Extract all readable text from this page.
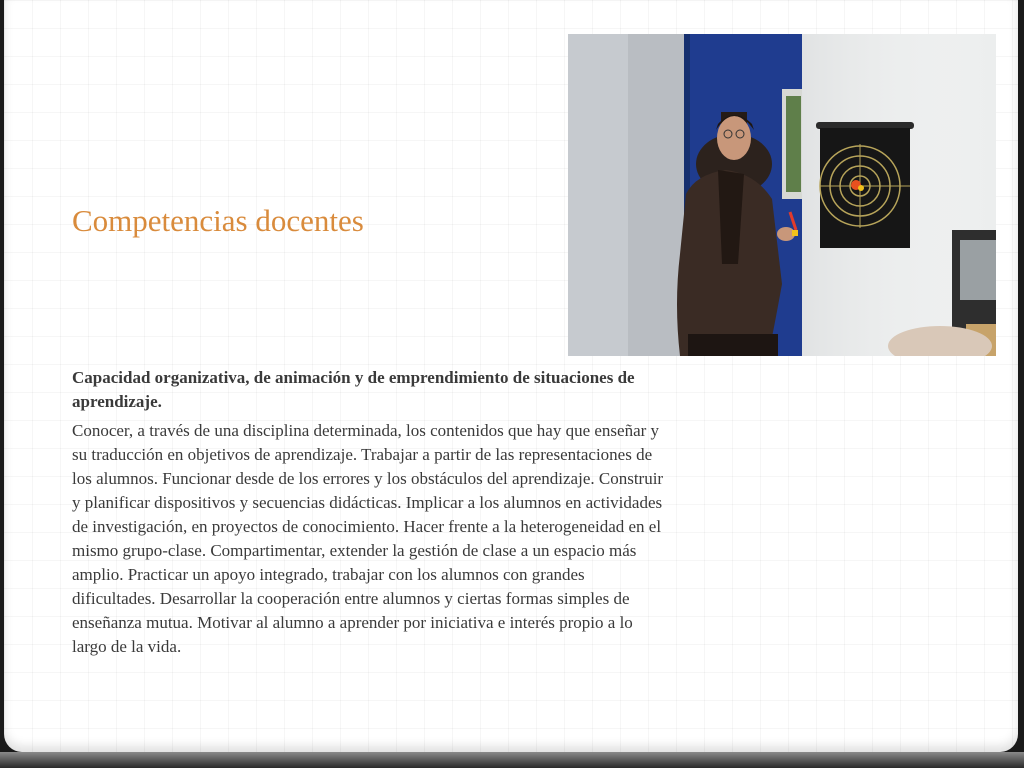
Competencias docentes

Capacidad organizativa, de animación y de emprendimiento de situaciones de aprendizaje.

Conocer, a través de una disciplina determinada, los contenidos que hay que enseñar y su traducción en objetivos de aprendizaje. Trabajar a partir de las representaciones de los alumnos. Funcionar desde de los errores y los obstáculos del aprendizaje. Construir y planificar dispositivos y secuencias didácticas. Implicar a los alumnos en actividades de investigación, en proyectos de conocimiento. Hacer frente a la heterogeneidad en el mismo grupo-clase. Compartimentar, extender la gestión de clase a un espacio más amplio. Practicar un apoyo integrado, trabajar con los alumnos con grandes dificultades. Desarrollar la cooperación entre alumnos y ciertas formas simples de enseñanza mutua. Motivar al alumno a aprender por iniciativa e interés propio a lo largo de la vida.
